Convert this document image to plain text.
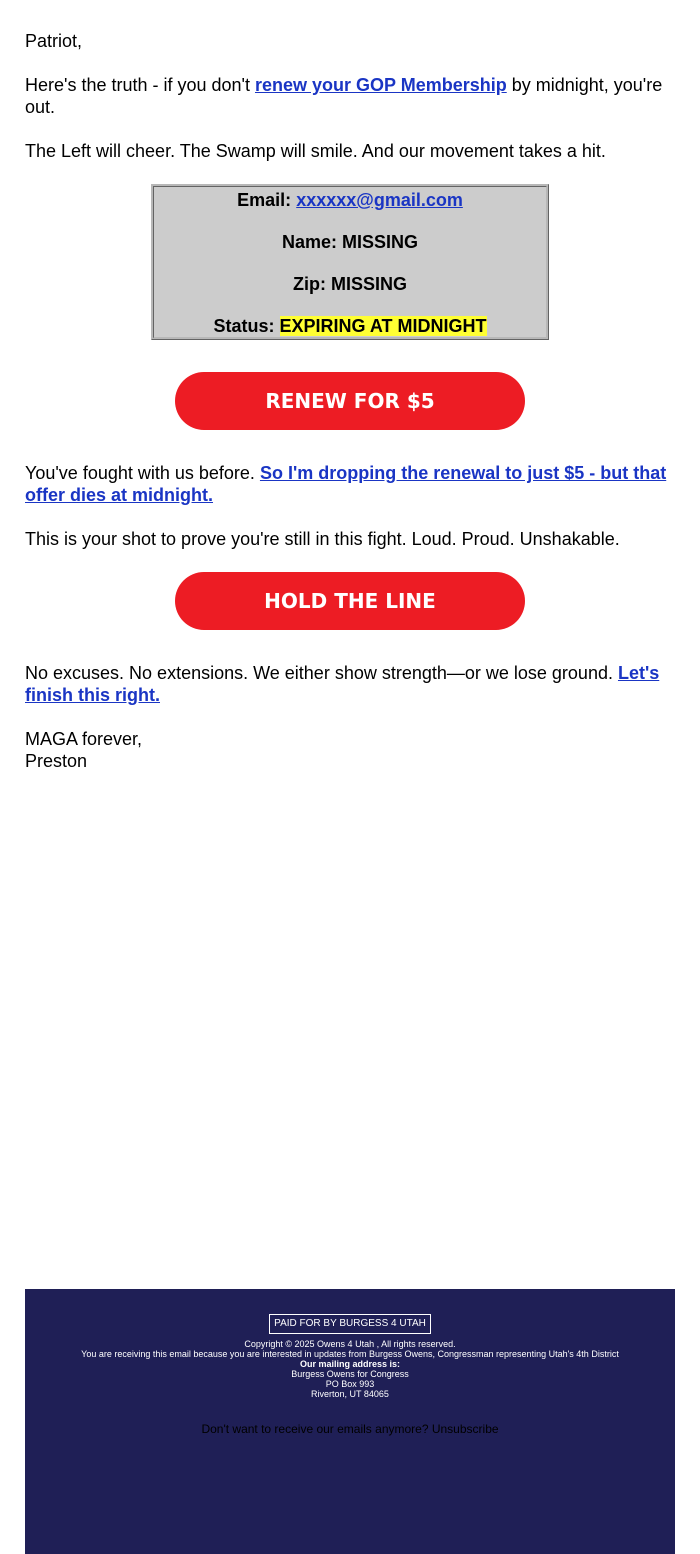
Patriot,

Here's the truth - if you don't renew your GOP Membership by midnight, you're out.

The Left will cheer. The Swamp will smile. And our movement takes a hit.

Email: xxxxxx@gmail.com
Name: MISSING
Zip: MISSING
Status: EXPIRING AT MIDNIGHT
RENEW FOR $5

You've fought with us before. So I'm dropping the renewal to just $5 - but that offer dies at midnight.

This is your shot to prove you're still in this fight. Loud. Proud. Unshakable.

HOLD THE LINE

No excuses. No extensions. We either show strength—or we lose ground. Let's finish this right.

MAGA forever,
Preston

PAID FOR BY BURGESS 4 UTAH
Copyright © 2025 Owens 4 Utah , All rights reserved.
You are receiving this email because you are interested in updates from Burgess Owens, Congressman representing Utah's 4th District
Our mailing address is:
Burgess Owens for Congress
PO Box 993
Riverton, UT 84065
Don't want to receive our emails anymore? Unsubscribe
